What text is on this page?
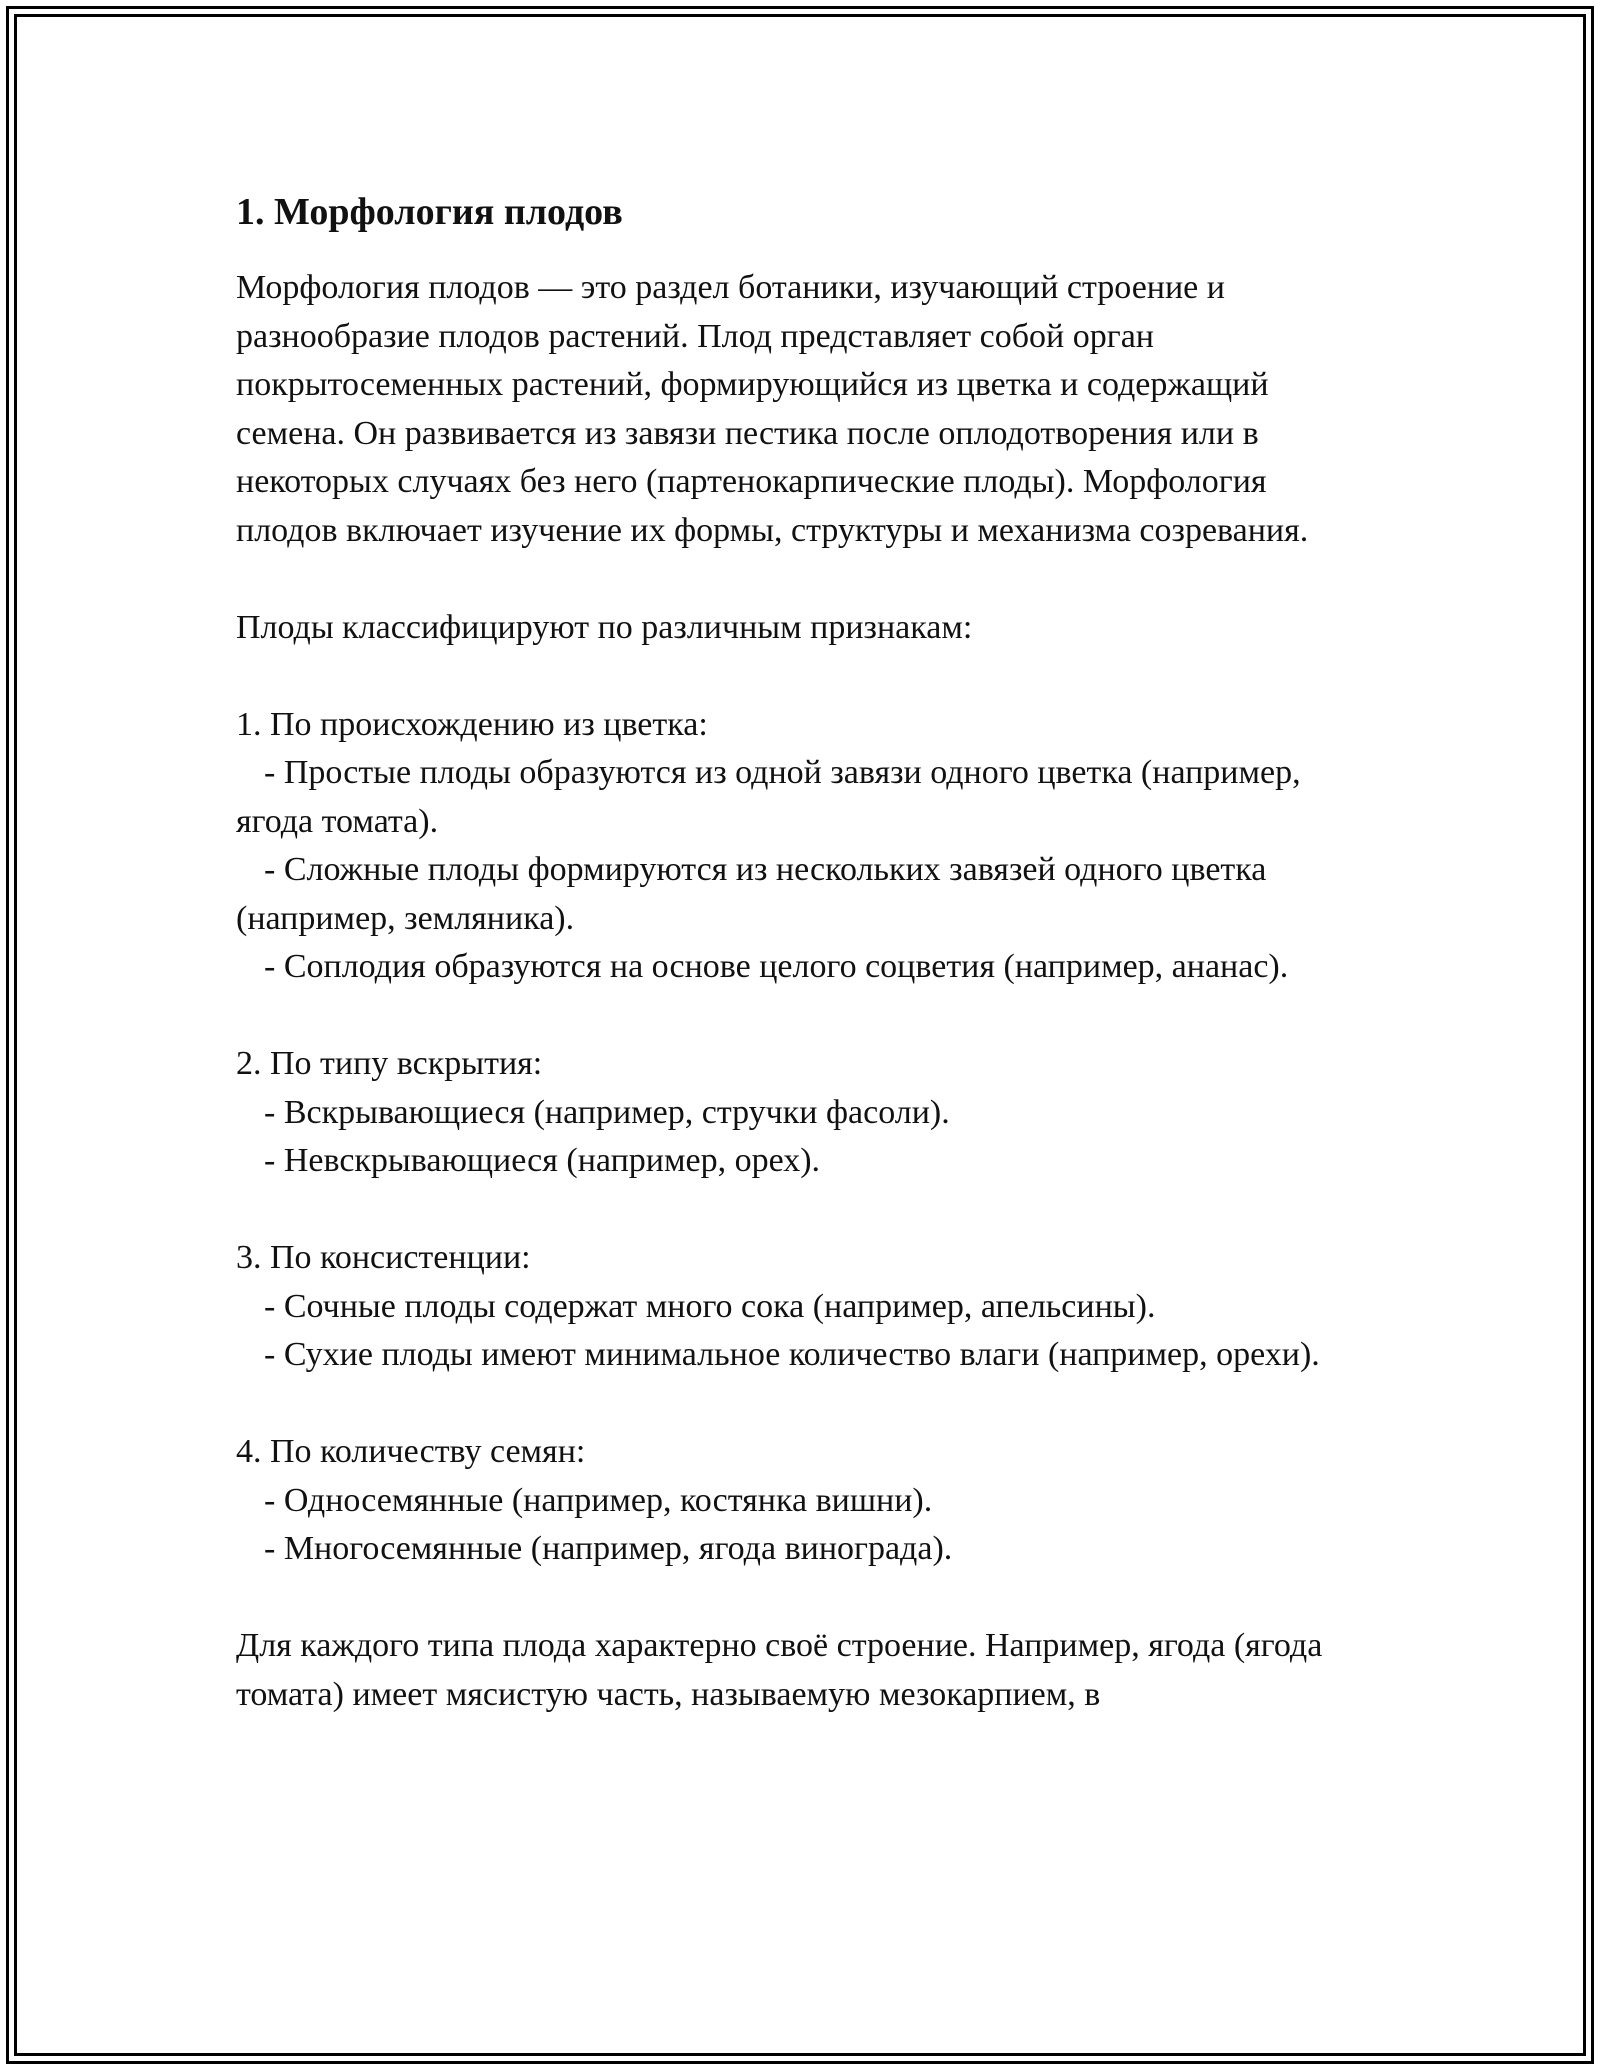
1. Морфология плодов

Морфология плодов — это раздел ботаники, изучающий строение и разнообразие плодов растений. Плод представляет собой орган покрытосеменных растений, формирующийся из цветка и содержащий семена. Он развивается из завязи пестика после оплодотворения или в некоторых случаях без него (партенокарпические плоды). Морфология плодов включает изучение их формы, структуры и механизма созревания.

Плоды классифицируют по различным признакам:

1. По происхождению из цветка:

- Простые плоды образуются из одной завязи одного цветка (например, ягода томата).

- Сложные плоды формируются из нескольких завязей одного цветка (например, земляника).

- Соплодия образуются на основе целого соцветия (например, ананас).

2. По типу вскрытия:

- Вскрывающиеся (например, стручки фасоли).

- Невскрывающиеся (например, орех).

3. По консистенции:

- Сочные плоды содержат много сока (например, апельсины).

- Сухие плоды имеют минимальное количество влаги (например, орехи).

4. По количеству семян:

- Односемянные (например, костянка вишни).

- Многосемянные (например, ягода винограда).

Для каждого типа плода характерно своё строение. Например, ягода (ягода томата) имеет мясистую часть, называемую мезокарпием, в
